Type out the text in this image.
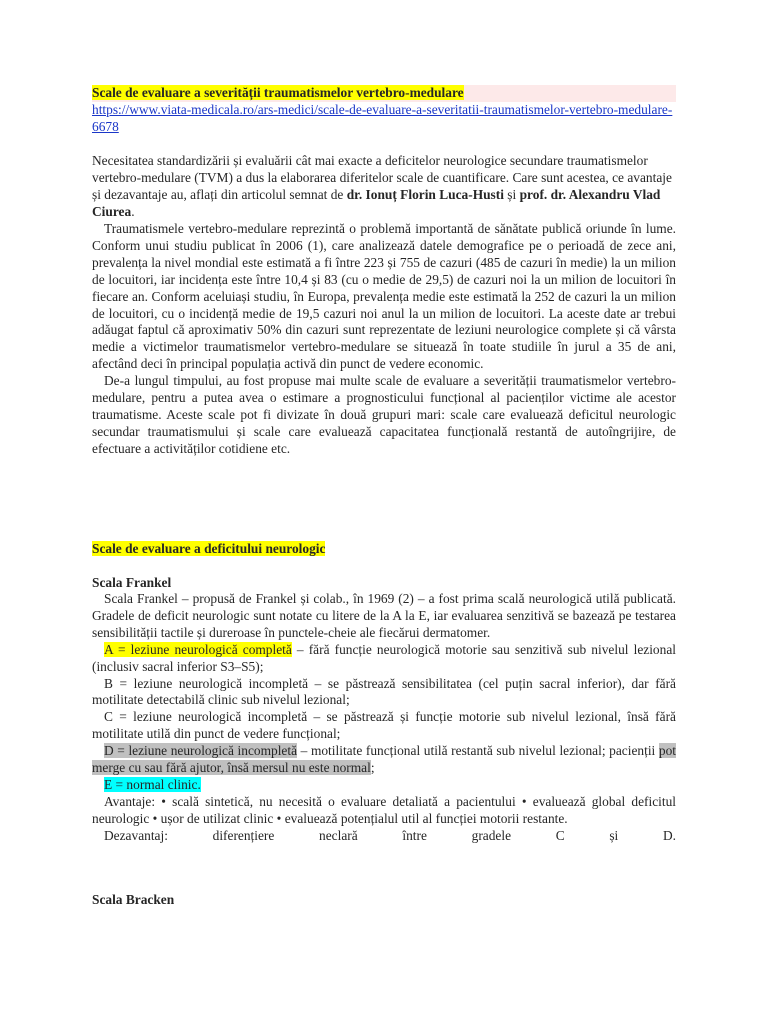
Scale de evaluare a severității traumatismelor vertebro-medulare

https://www.viata-medicala.ro/ars-medici/scale-de-evaluare-a-severitatii-traumatismelor-vertebro-medulare-6678

Necesitatea standardizării și evaluării cât mai exacte a deficitelor neurologice secundare traumatismelor vertebro-medulare (TVM) a dus la elaborarea diferitelor scale de cuantificare. Care sunt acestea, ce avantaje și dezavantaje au, aflați din articolul semnat de dr. Ionuț Florin Luca-Husti și prof. dr. Alexandru Vlad Ciurea.

Traumatismele vertebro-medulare reprezintă o problemă importantă de sănătate publică oriunde în lume. Conform unui studiu publicat în 2006 (1), care analizează datele demografice pe o perioadă de zece ani, prevalența la nivel mondial este estimată a fi între 223 și 755 de cazuri (485 de cazuri în medie) la un milion de locuitori, iar incidența este între 10,4 și 83 (cu o medie de 29,5) de cazuri noi la un milion de locuitori în fiecare an. Conform aceluiași studiu, în Europa, prevalența medie este estimată la 252 de cazuri la un milion de locuitori, cu o incidență medie de 19,5 cazuri noi anul la un milion de locuitori. La aceste date ar trebui adăugat faptul că aproximativ 50% din cazuri sunt reprezentate de leziuni neurologice complete și că vârsta medie a victimelor traumatismelor vertebro-medulare se situează în toate studiile în jurul a 35 de ani, afectând deci în principal populația activă din punct de vedere economic.

De-a lungul timpului, au fost propuse mai multe scale de evaluare a severității traumatismelor vertebro-medulare, pentru a putea avea o estimare a prognosticului funcțional al pacienților victime ale acestor traumatisme. Aceste scale pot fi divizate în două grupuri mari: scale care evaluează deficitul neurologic secundar traumatismului și scale care evaluează capacitatea funcțională restantă de autoîngrijire, de efectuare a activităților cotidiene etc.

Scale de evaluare a deficitului neurologic

Scala Frankel

Scala Frankel – propusă de Frankel și colab., în 1969 (2) – a fost prima scală neurologică utilă publicată. Gradele de deficit neurologic sunt notate cu litere de la A la E, iar evaluarea senzitivă se bazează pe testarea sensibilității tactile și dureroase în punctele-cheie ale fiecărui dermatomer.

A = leziune neurologică completă – fără funcție neurologică motorie sau senzitivă sub nivelul lezional (inclusiv sacral inferior S3–S5);

B = leziune neurologică incompletă – se păstrează sensibilitatea (cel puțin sacral inferior), dar fără motilitate detectabilă clinic sub nivelul lezional;

C = leziune neurologică incompletă – se păstrează și funcție motorie sub nivelul lezional, însă fără motilitate utilă din punct de vedere funcțional;

D = leziune neurologică incompletă – motilitate funcțional utilă restantă sub nivelul lezional; pacienții pot merge cu sau fără ajutor, însă mersul nu este normal;

E = normal clinic.

Avantaje: • scală sintetică, nu necesită o evaluare detaliată a pacientului • evaluează global deficitul neurologic • ușor de utilizat clinic • evaluează potențialul util al funcției motorii restante.

Dezavantaj: diferențiere neclară între gradele C și D.

Scala Bracken
